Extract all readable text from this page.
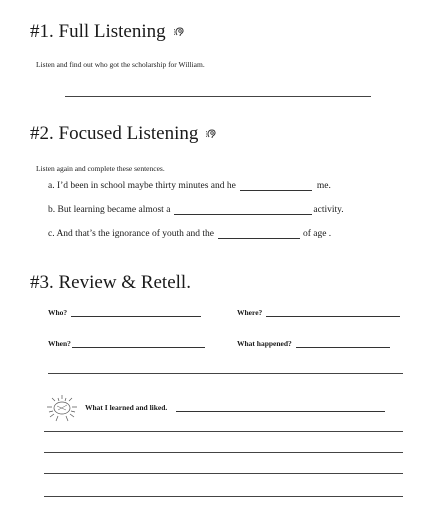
#1. Full Listening
Listen and find out who got the scholarship for William.
#2. Focused Listening
Listen again and complete these sentences.
a. I’d been in school maybe thirty minutes and he	me.
b. But learning became almost a	activity.
c. And that’s the ignorance of youth and the	of age .
#3. Review & Retell.
Who?	Where?
When?	What happened?
What I learned and liked.
